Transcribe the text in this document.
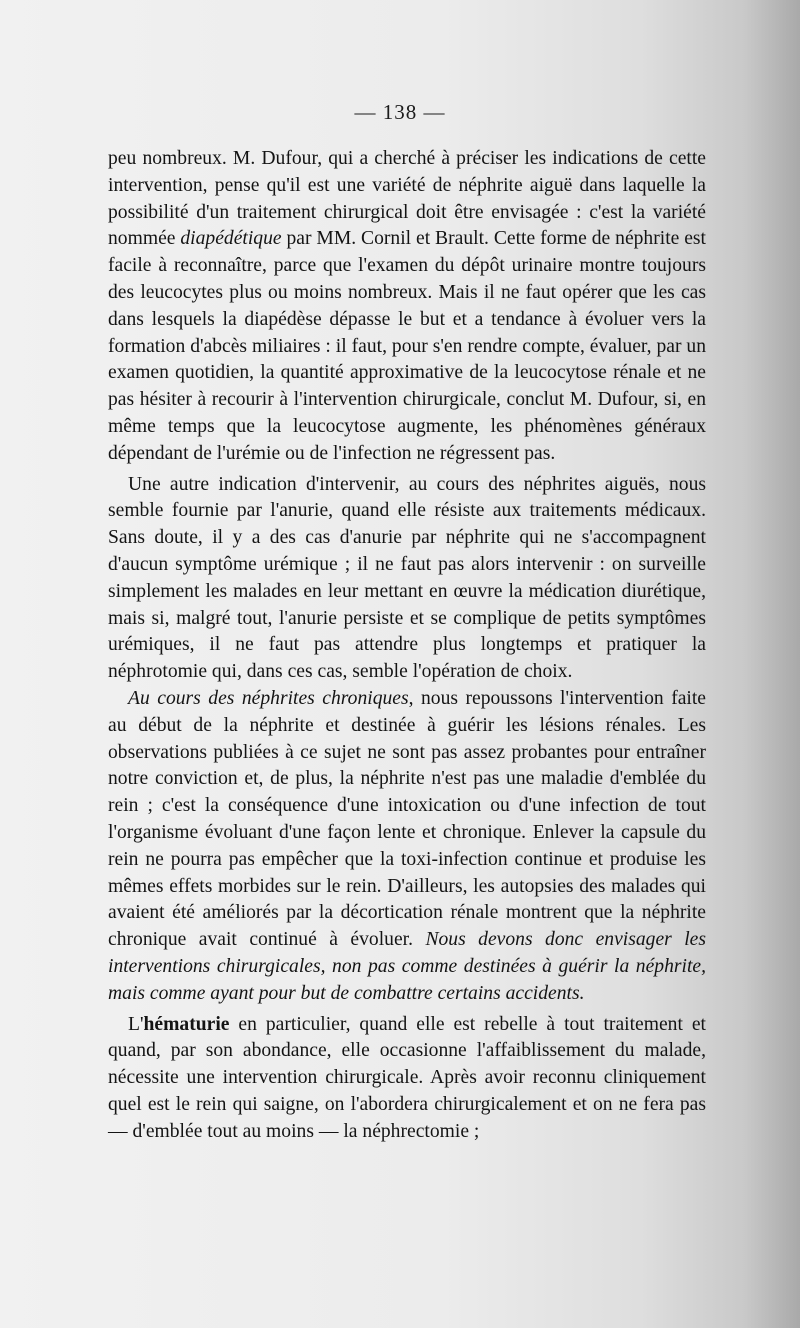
— 138 —

peu nombreux. M. Dufour, qui a cherché à préciser les indications de cette intervention, pense qu'il est une variété de néphrite aiguë dans laquelle la possibilité d'un traitement chirurgical doit être envisagée : c'est la variété nommée diapédétique par MM. Cornil et Brault. Cette forme de néphrite est facile à reconnaître, parce que l'examen du dépôt urinaire montre toujours des leucocytes plus ou moins nombreux. Mais il ne faut opérer que les cas dans lesquels la diapédèse dépasse le but et a tendance à évoluer vers la formation d'abcès miliaires : il faut, pour s'en rendre compte, évaluer, par un examen quotidien, la quantité approximative de la leucocytose rénale et ne pas hésiter à recourir à l'intervention chirurgicale, conclut M. Dufour, si, en même temps que la leucocytose augmente, les phénomènes généraux dépendant de l'urémie ou de l'infection ne régressent pas.

Une autre indication d'intervenir, au cours des néphrites aiguës, nous semble fournie par l'anurie, quand elle résiste aux traitements médicaux. Sans doute, il y a des cas d'anurie par néphrite qui ne s'accompagnent d'aucun symptôme urémique ; il ne faut pas alors intervenir : on surveille simplement les malades en leur mettant en œuvre la médication diurétique, mais si, malgré tout, l'anurie persiste et se complique de petits symptômes urémiques, il ne faut pas attendre plus longtemps et pratiquer la néphrotomie qui, dans ces cas, semble l'opération de choix.

Au cours des néphrites chroniques, nous repoussons l'intervention faite au début de la néphrite et destinée à guérir les lésions rénales. Les observations publiées à ce sujet ne sont pas assez probantes pour entraîner notre conviction et, de plus, la néphrite n'est pas une maladie d'emblée du rein ; c'est la conséquence d'une intoxication ou d'une infection de tout l'organisme évoluant d'une façon lente et chronique. Enlever la capsule du rein ne pourra pas empêcher que la toxi-infection continue et produise les mêmes effets morbides sur le rein. D'ailleurs, les autopsies des malades qui avaient été améliorés par la décortication rénale montrent que la néphrite chronique avait continué à évoluer. Nous devons donc envisager les interventions chirurgicales, non pas comme destinées à guérir la néphrite, mais comme ayant pour but de combattre certains accidents.

L'hématurie en particulier, quand elle est rebelle à tout traitement et quand, par son abondance, elle occasionne l'affaiblissement du malade, nécessite une intervention chirurgicale. Après avoir reconnu cliniquement quel est le rein qui saigne, on l'abordera chirurgicalement et on ne fera pas — d'emblée tout au moins — la néphrectomie ;
